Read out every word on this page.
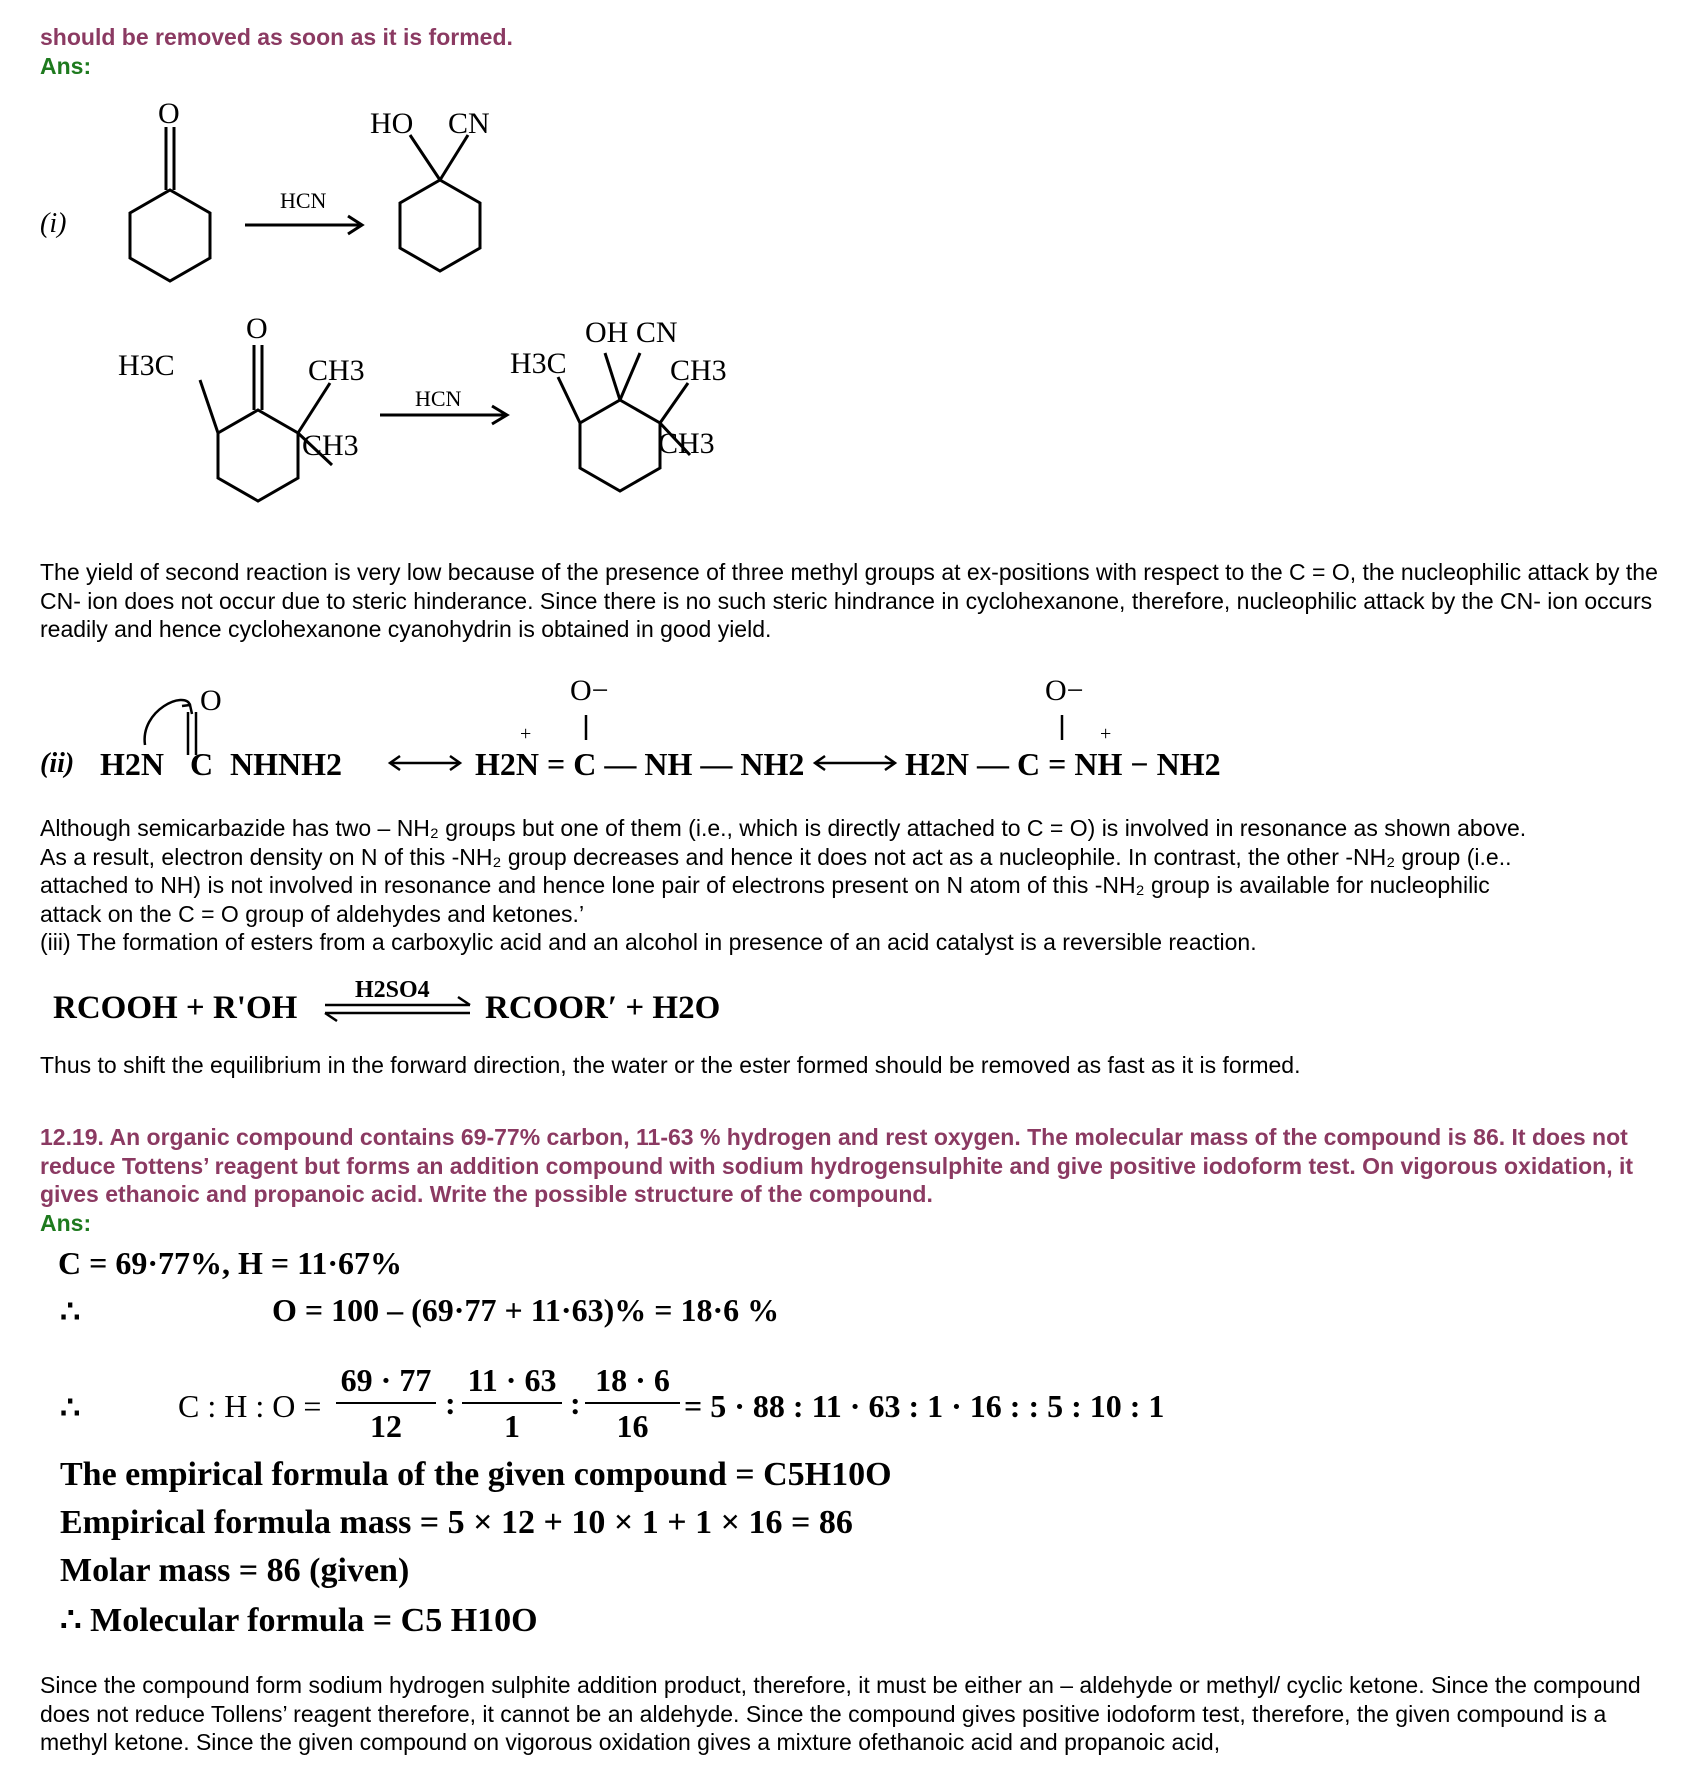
should be removed as soon as it is formed.
Ans:
(i)
O
HCN
HO CN
O
H3C	CH3
CH3
HCN
OH CN
H3C	CH3
CH3
The yield of second reaction is very low because of the presence of three methyl groups at ex-positions with respect to the C = O, the nucleophilic attack by the CN- ion does not occur due to steric hinderance. Since there is no such steric hindrance in cyclohexanone, therefore, nucleophilic attack by the CN- ion occurs readily and hence cyclohexanone cyanohydrin is obtained in good yield.
(ii) H2N C NHNH2
O
H2N = C — NH — NH2
O−
+
H2N — C = NH − NH2
O−
+
Although semicarbazide has two – NH₂ groups but one of them (i.e., which is directly attached to C = O) is involved in resonance as shown above.
As a result, electron density on N of this -NH₂ group decreases and hence it does not act as a nucleophile. In contrast, the other -NH₂ group (i.e..
attached to NH) is not involved in resonance and hence lone pair of electrons present on N atom of this -NH₂ group is available for nucleophilic
attack on the C = O group of aldehydes and ketones.’
(iii) The formation of esters from a carboxylic acid and an alcohol in presence of an acid catalyst is a reversible reaction.
RCOOH + R'OH H2SO4 RCOOR′ + H2O
Thus to shift the equilibrium in the forward direction, the water or the ester formed should be removed as fast as it is formed.
12.19. An organic compound contains 69-77% carbon, 11-63 % hydrogen and rest oxygen. The molecular mass of the compound is 86. It does not reduce Tottens’ reagent but forms an addition compound with sodium hydrogensulphite and give positive iodoform test. On vigorous oxidation, it gives ethanoic and propanoic acid. Write the possible structure of the compound.
Ans:
C = 69·77%, H = 11·67%
∴	O = 100 – (69·77 + 11·63)% = 18·6 %
∴	C : H : O =
69 · 77
12
:
11 · 63
1
:
18 · 6
16
= 5 · 88 : 11 · 63 : 1 · 16 : : 5 : 10 : 1
The empirical formula of the given compound = C5H10O
Empirical formula mass = 5 × 12 + 10 × 1 + 1 × 16 = 86
Molar mass = 86 (given)
∴ Molecular formula = C5 H10O
Since the compound form sodium hydrogen sulphite addition product, therefore, it must be either an – aldehyde or methyl/ cyclic ketone. Since the compound does not reduce Tollens’ reagent therefore, it cannot be an aldehyde. Since the compound gives positive iodoform test, therefore, the given compound is a methyl ketone. Since the given compound on vigorous oxidation gives a mixture ofethanoic acid and propanoic acid,
